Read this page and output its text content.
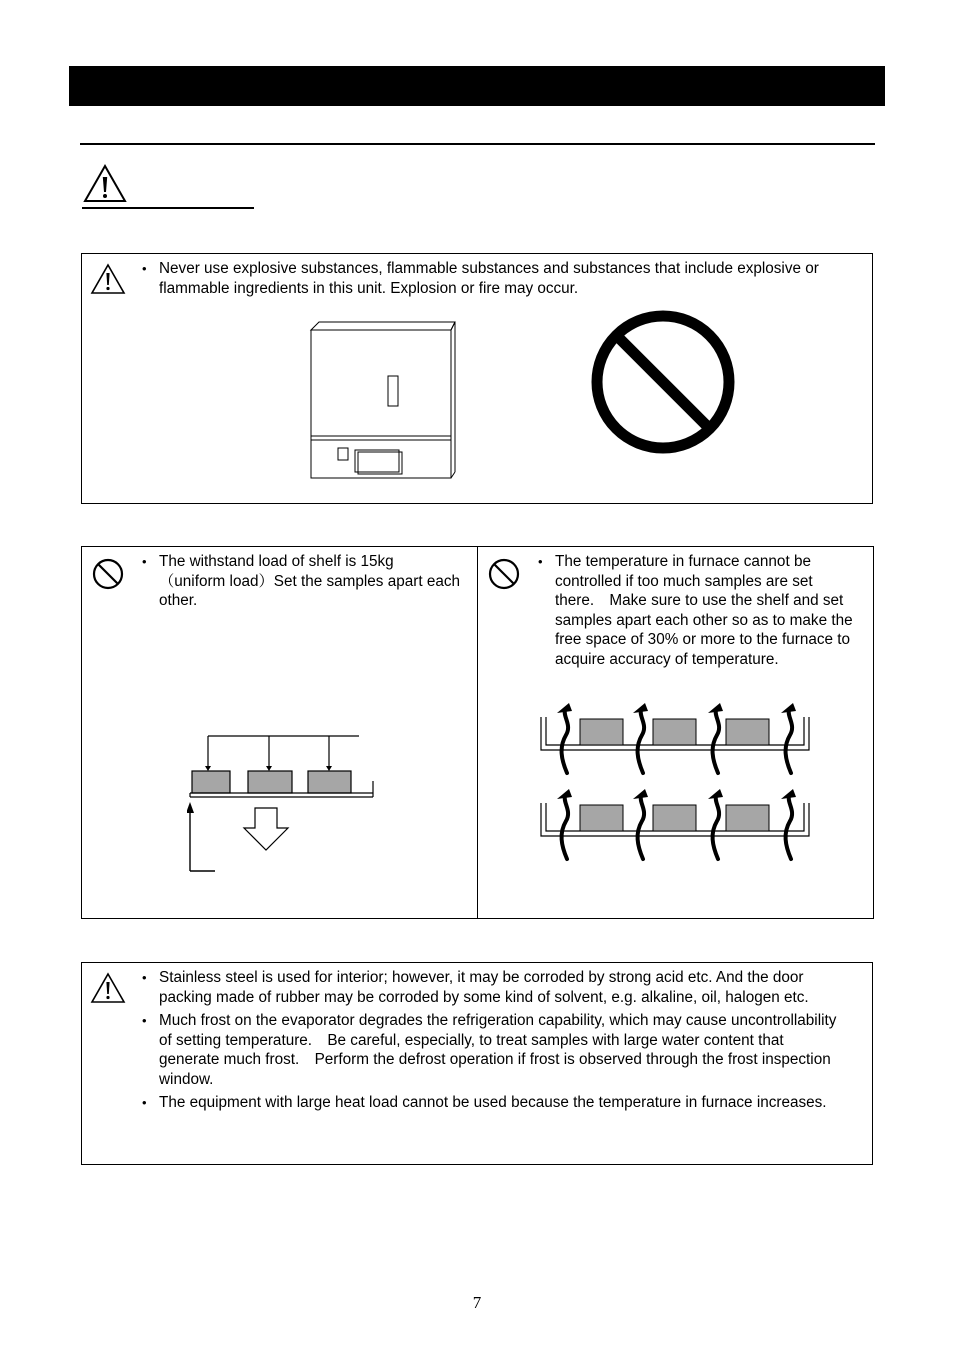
• Never use explosive substances, flammable substances and substances that include explosive or flammable ingredients in this unit. Explosion or fire may occur.
• The withstand load of shelf is 15kg （uniform load）Set the samples apart each other.
• The temperature in furnace cannot be controlled if too much samples are set there.　Make sure to use the shelf and set samples apart each other so as to make the free space of 30% or more to the furnace to acquire accuracy of temperature.
• Stainless steel is used for interior; however, it may be corroded by strong acid etc. And the door packing made of rubber may be corroded by some kind of solvent, e.g. alkaline, oil, halogen etc.
• Much frost on the evaporator degrades the refrigeration capability, which may cause uncontrollability of setting temperature.　Be careful, especially, to treat samples with large water content that generate much frost.　Perform the defrost operation if frost is observed through the frost inspection window.
• The equipment with large heat load cannot be used because the temperature in furnace increases.
7
